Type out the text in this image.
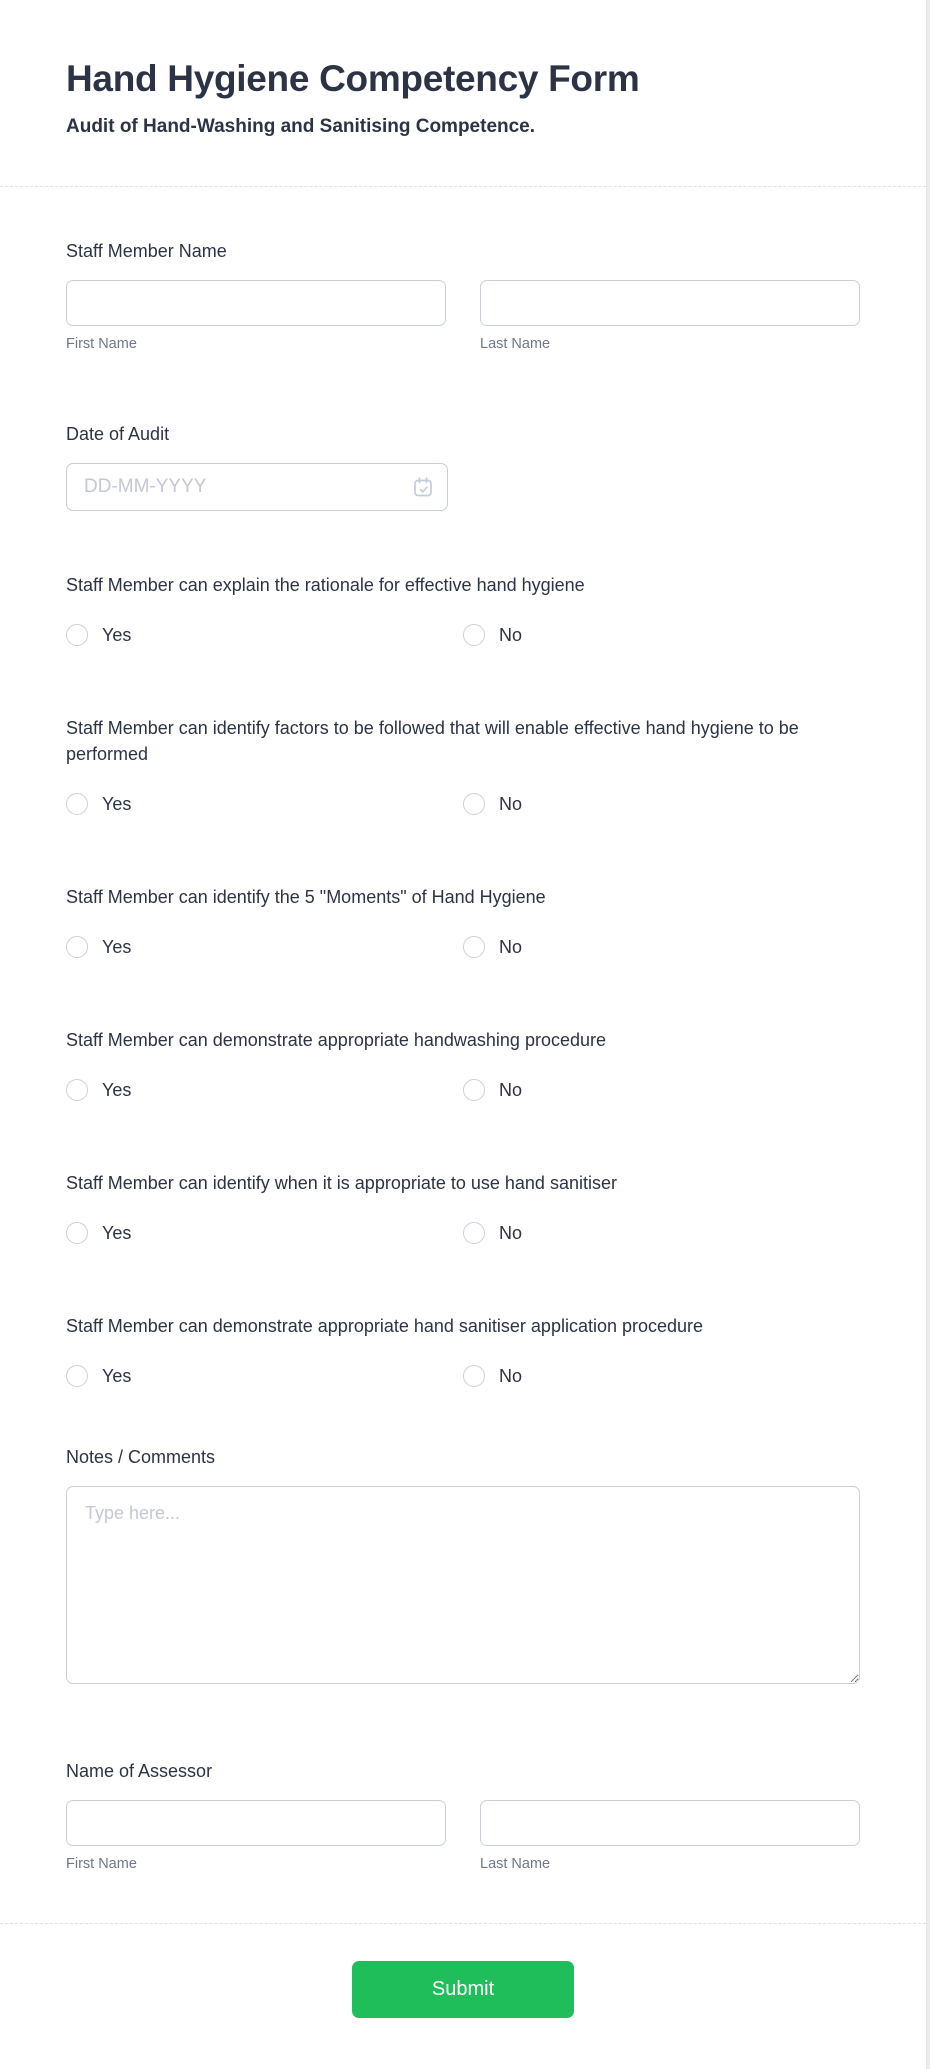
Hand Hygiene Competency Form
Audit of Hand-Washing and Sanitising Competence.
Staff Member Name
First Name	Last Name
Date of Audit
DD-MM-YYYY
Staff Member can explain the rationale for effective hand hygiene
Yes	No
Staff Member can identify factors to be followed that will enable effective hand hygiene to be performed
Yes	No
Staff Member can identify the 5 "Moments" of Hand Hygiene
Yes	No
Staff Member can demonstrate appropriate handwashing procedure
Yes	No
Staff Member can identify when it is appropriate to use hand sanitiser
Yes	No
Staff Member can demonstrate appropriate hand sanitiser application procedure
Yes	No
Notes / Comments
Type here...
Name of Assessor
First Name	Last Name
Submit
